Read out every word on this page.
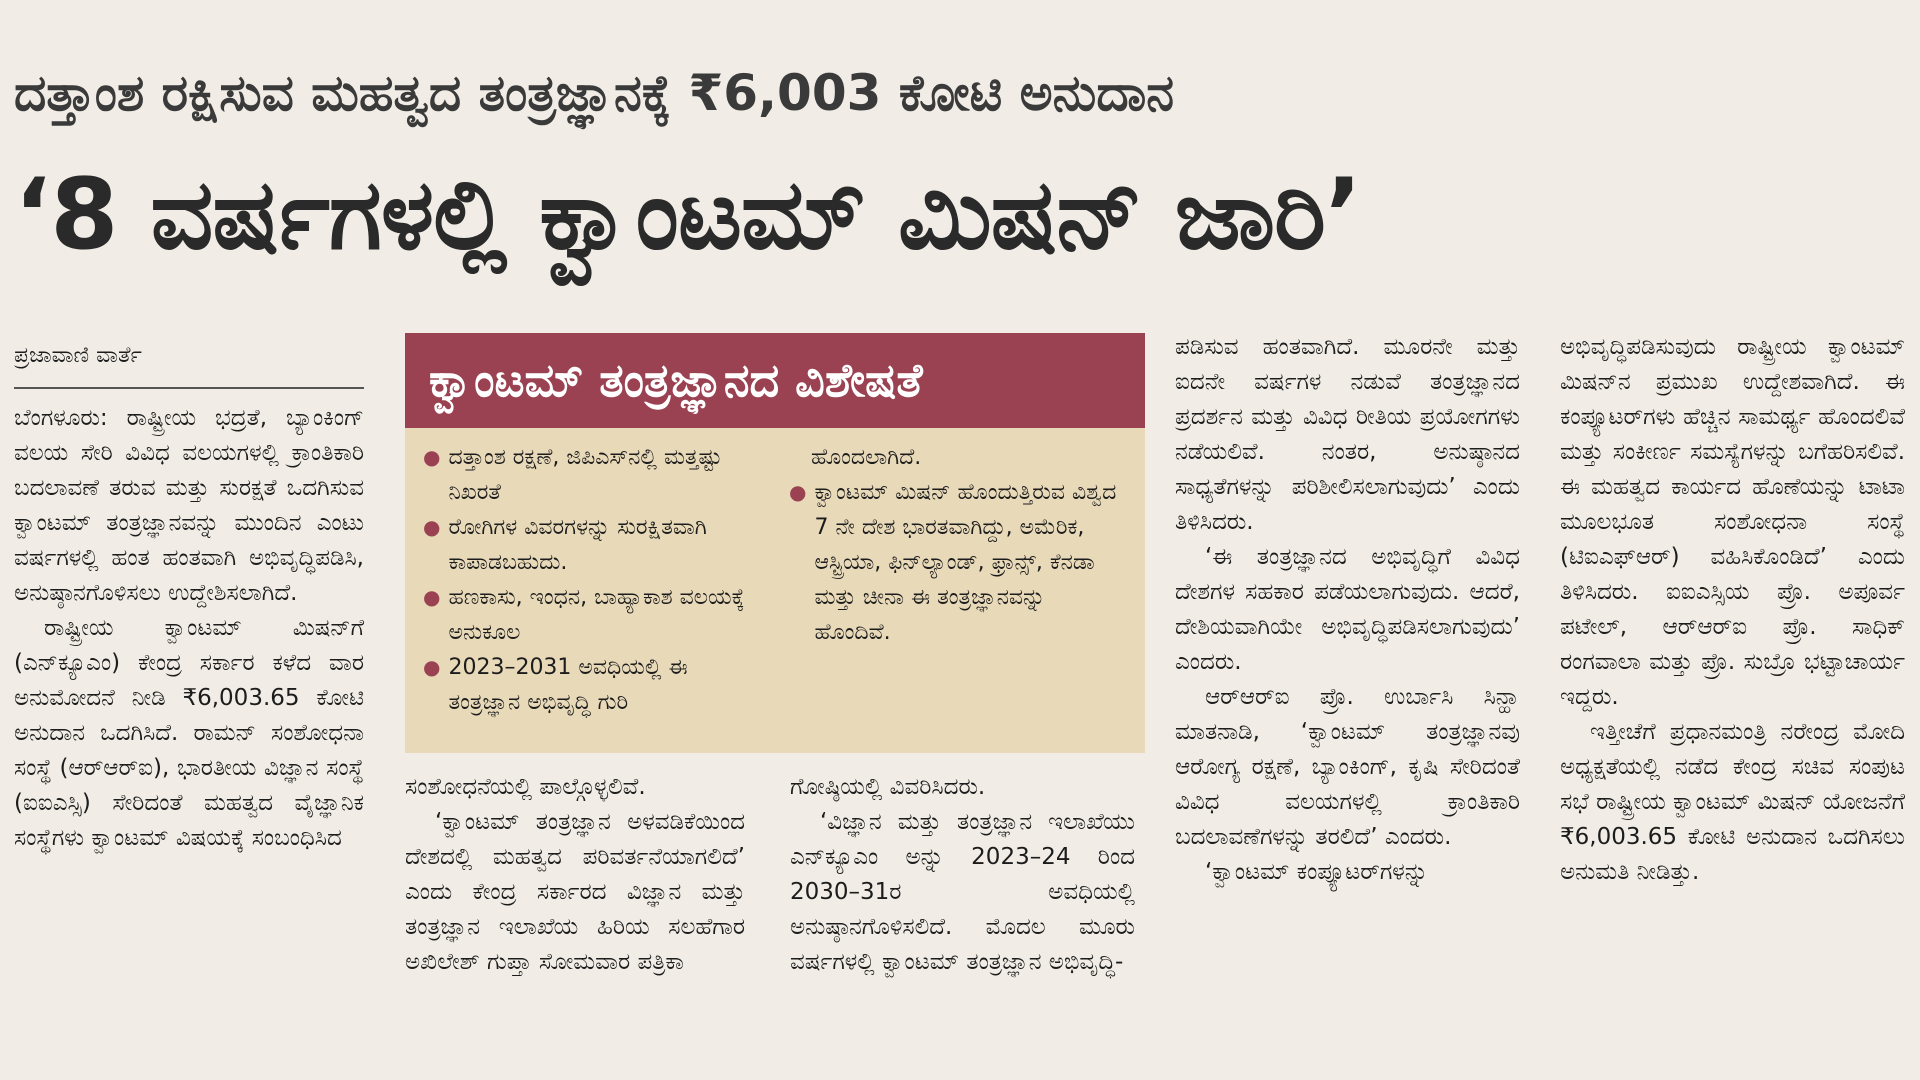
ದತ್ತಾಂಶ ರಕ್ಷಿಸುವ ಮಹತ್ವದ ತಂತ್ರಜ್ಞಾನಕ್ಕೆ ₹6,003 ಕೋಟಿ ಅನುದಾನ
‘8 ವರ್ಷಗಳಲ್ಲಿ ಕ್ವಾಂಟಮ್ ಮಿಷನ್ ಜಾರಿ’
ಪ್ರಜಾವಾಣಿ ವಾರ್ತೆ

ಬೆಂಗಳೂರು: ರಾಷ್ಟ್ರೀಯ ಭದ್ರತೆ, ಬ್ಯಾಂಕಿಂಗ್ ವಲಯ ಸೇರಿ ವಿವಿಧ ವಲಯಗಳಲ್ಲಿ ಕ್ರಾಂತಿಕಾರಿ ಬದಲಾವಣೆ ತರುವ ಮತ್ತು ಸುರಕ್ಷತೆ ಒದಗಿಸುವ ಕ್ವಾಂಟಮ್ ತಂತ್ರಜ್ಞಾನವನ್ನು ಮುಂದಿನ ಎಂಟು ವರ್ಷಗಳಲ್ಲಿ ಹಂತ ಹಂತವಾಗಿ ಅಭಿವೃದ್ಧಿಪಡಿಸಿ, ಅನುಷ್ಠಾನಗೊಳಿಸಲು ಉದ್ದೇಶಿಸಲಾಗಿದೆ.

ರಾಷ್ಟ್ರೀಯ ಕ್ವಾಂಟಮ್ ಮಿಷನ್‌ಗೆ (ಎನ್‌ಕ್ಯೂಎಂ) ಕೇಂದ್ರ ಸರ್ಕಾರ ಕಳೆದ ವಾರ ಅನುಮೋದನೆ ನೀಡಿ ₹6,003.65 ಕೋಟಿ ಅನುದಾನ ಒದಗಿಸಿದೆ. ರಾಮನ್ ಸಂಶೋಧನಾ ಸಂಸ್ಥೆ (ಆರ್‌ಆರ್‌ಐ), ಭಾರತೀಯ ವಿಜ್ಞಾನ ಸಂಸ್ಥೆ (ಐಐಎಸ್ಸಿ) ಸೇರಿದಂತೆ ಮಹತ್ವದ ವೈಜ್ಞಾನಿಕ ಸಂಸ್ಥೆಗಳು ಕ್ವಾಂಟಮ್ ವಿಷಯಕ್ಕೆ ಸಂಬಂಧಿಸಿದ

ಕ್ವಾಂಟಮ್ ತಂತ್ರಜ್ಞಾನದ ವಿಶೇಷತೆ
● ದತ್ತಾಂಶ ರಕ್ಷಣೆ, ಜಿಪಿಎಸ್‌ನಲ್ಲಿ ಮತ್ತಷ್ಟು ನಿಖರತೆ
● ರೋಗಿಗಳ ವಿವರಗಳನ್ನು ಸುರಕ್ಷಿತವಾಗಿ ಕಾಪಾಡಬಹುದು.
● ಹಣಕಾಸು, ಇಂಧನ, ಬಾಹ್ಯಾಕಾಶ ವಲಯಕ್ಕೆ ಅನುಕೂಲ
● 2023–2031 ಅವಧಿಯಲ್ಲಿ ಈ ತಂತ್ರಜ್ಞಾನ ಅಭಿವೃದ್ಧಿ ಗುರಿ
ಹೊಂದಲಾಗಿದೆ.
● ಕ್ವಾಂಟಮ್ ಮಿಷನ್ ಹೊಂದುತ್ತಿರುವ ವಿಶ್ವದ 7 ನೇ ದೇಶ ಭಾರತವಾಗಿದ್ದು, ಅಮೆರಿಕ, ಆಸ್ಟ್ರಿಯಾ, ಫಿನ್‌ಲ್ಯಾಂಡ್, ಫ್ರಾನ್ಸ್, ಕೆನಡಾ ಮತ್ತು ಚೀನಾ ಈ ತಂತ್ರಜ್ಞಾನವನ್ನು ಹೊಂದಿವೆ.

ಸಂಶೋಧನೆಯಲ್ಲಿ ಪಾಲ್ಗೊಳ್ಳಲಿವೆ.

‘ಕ್ವಾಂಟಮ್ ತಂತ್ರಜ್ಞಾನ ಅಳವಡಿಕೆಯಿಂದ ದೇಶದಲ್ಲಿ ಮಹತ್ವದ ಪರಿವರ್ತನೆಯಾಗಲಿದೆ’ ಎಂದು ಕೇಂದ್ರ ಸರ್ಕಾರದ ವಿಜ್ಞಾನ ಮತ್ತು ತಂತ್ರಜ್ಞಾನ ಇಲಾಖೆಯ ಹಿರಿಯ ಸಲಹೆಗಾರ ಅಖಿಲೇಶ್ ಗುಪ್ತಾ ಸೋಮವಾರ ಪತ್ರಿಕಾ

ಗೋಷ್ಠಿಯಲ್ಲಿ ವಿವರಿಸಿದರು.

‘ವಿಜ್ಞಾನ ಮತ್ತು ತಂತ್ರಜ್ಞಾನ ಇಲಾಖೆಯು ಎನ್‌ಕ್ಯೂಎಂ ಅನ್ನು 2023–24 ರಿಂದ 2030–31ರ ಅವಧಿಯಲ್ಲಿ ಅನುಷ್ಠಾನಗೊಳಿಸಲಿದೆ. ಮೊದಲ ಮೂರು ವರ್ಷಗಳಲ್ಲಿ ಕ್ವಾಂಟಮ್ ತಂತ್ರಜ್ಞಾನ ಅಭಿವೃದ್ಧಿ-

ಪಡಿಸುವ ಹಂತವಾಗಿದೆ. ಮೂರನೇ ಮತ್ತು ಐದನೇ ವರ್ಷಗಳ ನಡುವೆ ತಂತ್ರಜ್ಞಾನದ ಪ್ರದರ್ಶನ ಮತ್ತು ವಿವಿಧ ರೀತಿಯ ಪ್ರಯೋಗಗಳು ನಡೆಯಲಿವೆ. ನಂತರ, ಅನುಷ್ಠಾನದ ಸಾಧ್ಯತೆಗಳನ್ನು ಪರಿಶೀಲಿಸಲಾಗುವುದು’ ಎಂದು ತಿಳಿಸಿದರು.

‘ಈ ತಂತ್ರಜ್ಞಾನದ ಅಭಿವೃದ್ಧಿಗೆ ವಿವಿಧ ದೇಶಗಳ ಸಹಕಾರ ಪಡೆಯಲಾಗುವುದು. ಆದರೆ, ದೇಶಿಯವಾಗಿಯೇ ಅಭಿವೃದ್ಧಿಪಡಿಸಲಾಗುವುದು’ ಎಂದರು.

ಆರ್‌ಆರ್‌ಐ ಪ್ರೊ. ಉರ್ಬಾಸಿ ಸಿನ್ಹಾ ಮಾತನಾಡಿ, ‘ಕ್ವಾಂಟಮ್ ತಂತ್ರಜ್ಞಾನವು ಆರೋಗ್ಯ ರಕ್ಷಣೆ, ಬ್ಯಾಂಕಿಂಗ್, ಕೃಷಿ ಸೇರಿದಂತೆ ವಿವಿಧ ವಲಯಗಳಲ್ಲಿ ಕ್ರಾಂತಿಕಾರಿ ಬದಲಾವಣೆಗಳನ್ನು ತರಲಿದೆ’ ಎಂದರು.

‘ಕ್ವಾಂಟಮ್ ಕಂಪ್ಯೂಟರ್‌ಗಳನ್ನು

ಅಭಿವೃದ್ಧಿಪಡಿಸುವುದು ರಾಷ್ಟ್ರೀಯ ಕ್ವಾಂಟಮ್ ಮಿಷನ್‌ನ ಪ್ರಮುಖ ಉದ್ದೇಶವಾಗಿದೆ. ಈ ಕಂಪ್ಯೂಟರ್‌ಗಳು ಹೆಚ್ಚಿನ ಸಾಮರ್ಥ್ಯ ಹೊಂದಲಿವೆ ಮತ್ತು ಸಂಕೀರ್ಣ ಸಮಸ್ಯೆಗಳನ್ನು ಬಗೆಹರಿಸಲಿವೆ. ಈ ಮಹತ್ವದ ಕಾರ್ಯದ ಹೊಣೆಯನ್ನು ಟಾಟಾ ಮೂಲಭೂತ ಸಂಶೋಧನಾ ಸಂಸ್ಥೆ (ಟಿಐಎಫ್‌ಆರ್) ವಹಿಸಿಕೊಂಡಿದೆ’ ಎಂದು ತಿಳಿಸಿದರು. ಐಐಎಸ್ಸಿಯ ಪ್ರೊ. ಅಪೂರ್ವ ಪಟೇಲ್, ಆರ್‌ಆರ್‌ಐ ಪ್ರೊ. ಸಾಧಿಕ್ ರಂಗವಾಲಾ ಮತ್ತು ಪ್ರೊ. ಸುಬ್ರೊ ಭಟ್ಟಾಚಾರ್ಯ ಇದ್ದರು.

ಇತ್ತೀಚೆಗೆ ಪ್ರಧಾನಮಂತ್ರಿ ನರೇಂದ್ರ ಮೋದಿ ಅಧ್ಯಕ್ಷತೆಯಲ್ಲಿ ನಡೆದ ಕೇಂದ್ರ ಸಚಿವ ಸಂಪುಟ ಸಭೆ ರಾಷ್ಟ್ರೀಯ ಕ್ವಾಂಟಮ್ ಮಿಷನ್ ಯೋಜನೆಗೆ ₹6,003.65 ಕೋಟಿ ಅನುದಾನ ಒದಗಿಸಲು ಅನುಮತಿ ನೀಡಿತ್ತು.
